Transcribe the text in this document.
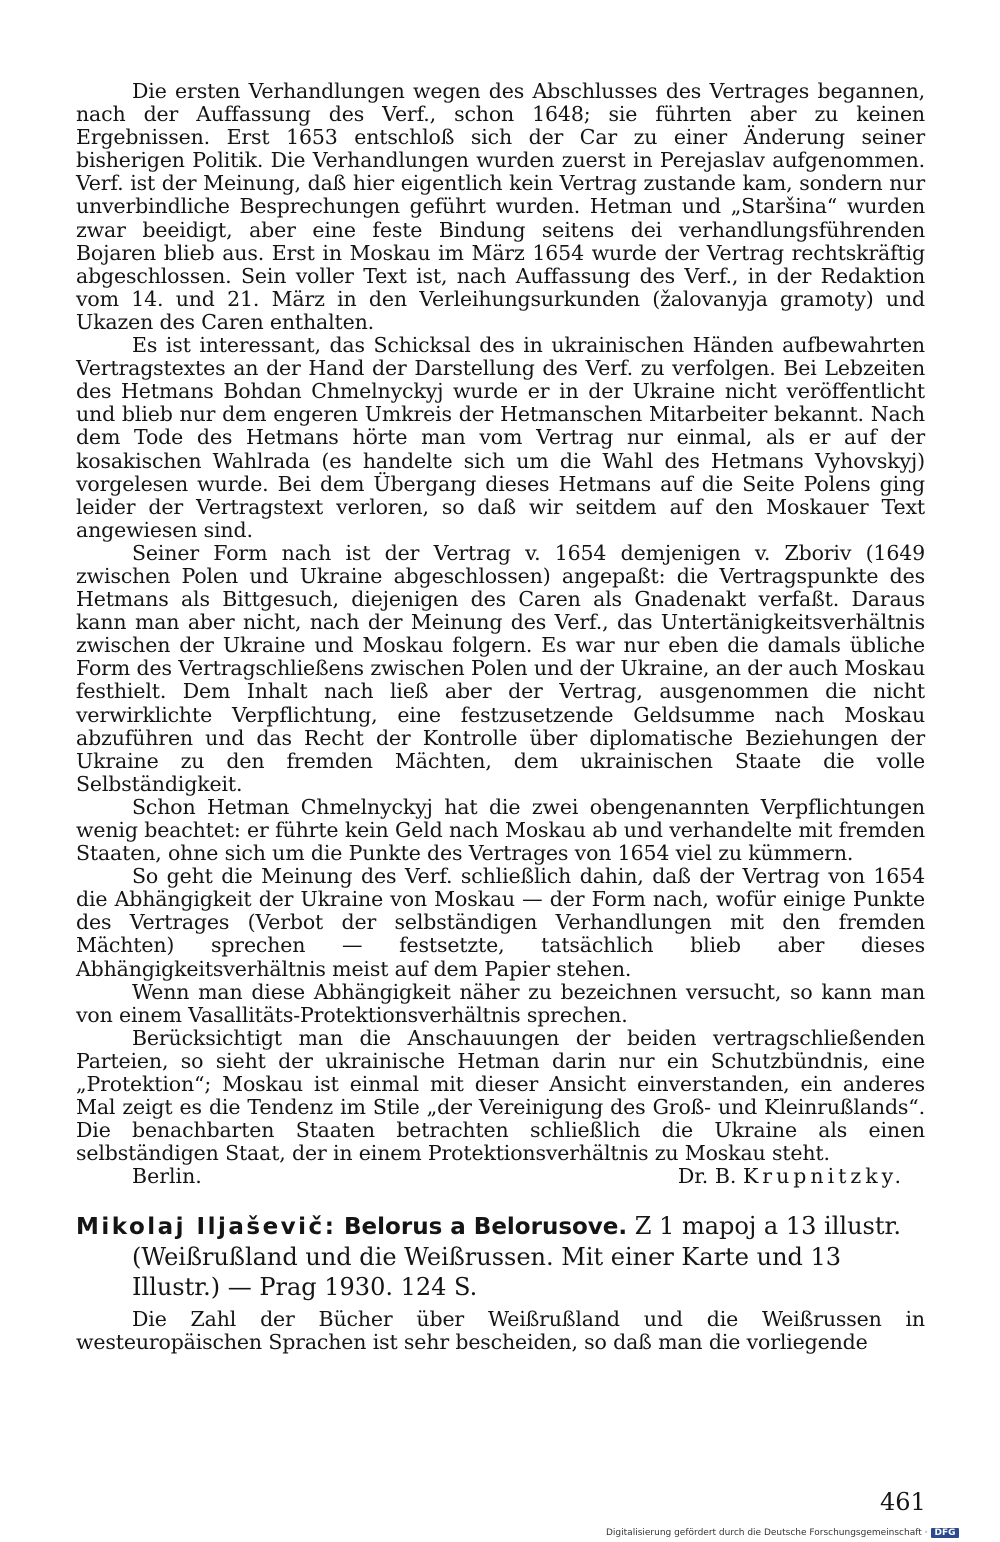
Die ersten Verhandlungen wegen des Abschlusses des Vertrages begannen, nach der Auffassung des Verf., schon 1648; sie führten aber zu keinen Ergebnissen. Erst 1653 entschloß sich der Car zu einer Änderung seiner bisherigen Politik. Die Verhandlungen wurden zuerst in Perejaslav aufgenommen. Verf. ist der Meinung, daß hier eigentlich kein Vertrag zustande kam, sondern nur unverbindliche Besprechungen geführt wurden. Hetman und „Staršina“ wurden zwar beeidigt, aber eine feste Bindung seitens dei verhandlungsführenden Bojaren blieb aus. Erst in Moskau im März 1654 wurde der Vertrag rechtskräftig abgeschlossen. Sein voller Text ist, nach Auffassung des Verf., in der Redaktion vom 14. und 21. März in den Verleihungsurkunden (žalovanyja gramoty) und Ukazen des Caren enthalten.

Es ist interessant, das Schicksal des in ukrainischen Händen aufbewahrten Vertragstextes an der Hand der Darstellung des Verf. zu verfolgen. Bei Lebzeiten des Hetmans Bohdan Chmelnyckyj wurde er in der Ukraine nicht veröffentlicht und blieb nur dem engeren Umkreis der Hetmanschen Mitarbeiter bekannt. Nach dem Tode des Hetmans hörte man vom Vertrag nur einmal, als er auf der kosakischen Wahlrada (es handelte sich um die Wahl des Hetmans Vyhovskyj) vorgelesen wurde. Bei dem Übergang dieses Hetmans auf die Seite Polens ging leider der Vertragstext verloren, so daß wir seitdem auf den Moskauer Text angewiesen sind.

Seiner Form nach ist der Vertrag v. 1654 demjenigen v. Zboriv (1649 zwischen Polen und Ukraine abgeschlossen) angepaßt: die Vertragspunkte des Hetmans als Bittgesuch, diejenigen des Caren als Gnadenakt verfaßt. Daraus kann man aber nicht, nach der Meinung des Verf., das Untertänigkeitsverhältnis zwischen der Ukraine und Moskau folgern. Es war nur eben die damals übliche Form des Vertragschließens zwischen Polen und der Ukraine, an der auch Moskau festhielt. Dem Inhalt nach ließ aber der Vertrag, ausgenommen die nicht verwirklichte Verpflichtung, eine festzusetzende Geldsumme nach Moskau abzuführen und das Recht der Kontrolle über diplomatische Beziehungen der Ukraine zu den fremden Mächten, dem ukrainischen Staate die volle Selbständigkeit.

Schon Hetman Chmelnyckyj hat die zwei obengenannten Verpflichtungen wenig beachtet: er führte kein Geld nach Moskau ab und verhandelte mit fremden Staaten, ohne sich um die Punkte des Vertrages von 1654 viel zu kümmern.

So geht die Meinung des Verf. schließlich dahin, daß der Vertrag von 1654 die Abhängigkeit der Ukraine von Moskau — der Form nach, wofür einige Punkte des Vertrages (Verbot der selbständigen Verhandlungen mit den fremden Mächten) sprechen — festsetzte, tatsächlich blieb aber dieses Abhängigkeitsverhältnis meist auf dem Papier stehen.

Wenn man diese Abhängigkeit näher zu bezeichnen versucht, so kann man von einem Vasallitäts-Protektionsverhältnis sprechen.

Berücksichtigt man die Anschauungen der beiden vertragschließenden Parteien, so sieht der ukrainische Hetman darin nur ein Schutzbündnis, eine „Protektion“; Moskau ist einmal mit dieser Ansicht einverstanden, ein anderes Mal zeigt es die Tendenz im Stile „der Vereinigung des Groß- und Kleinrußlands“. Die benachbarten Staaten betrachten schließlich die Ukraine als einen selbständigen Staat, der in einem Protektionsverhältnis zu Moskau steht.

Berlin.	Dr. B. Krupnitzky.

Mikolaj Iljaševič: Belorus a Belorusove. Z 1 mapoj a 13 illustr. (Weißrußland und die Weißrussen. Mit einer Karte und 13 Illustr.) — Prag 1930. 124 S.

Die Zahl der Bücher über Weißrußland und die Weißrussen in westeuropäischen Sprachen ist sehr bescheiden, so daß man die vorliegende

461
Digitalisierung gefördert durch die Deutsche Forschungsgemeinschaft · DFG
